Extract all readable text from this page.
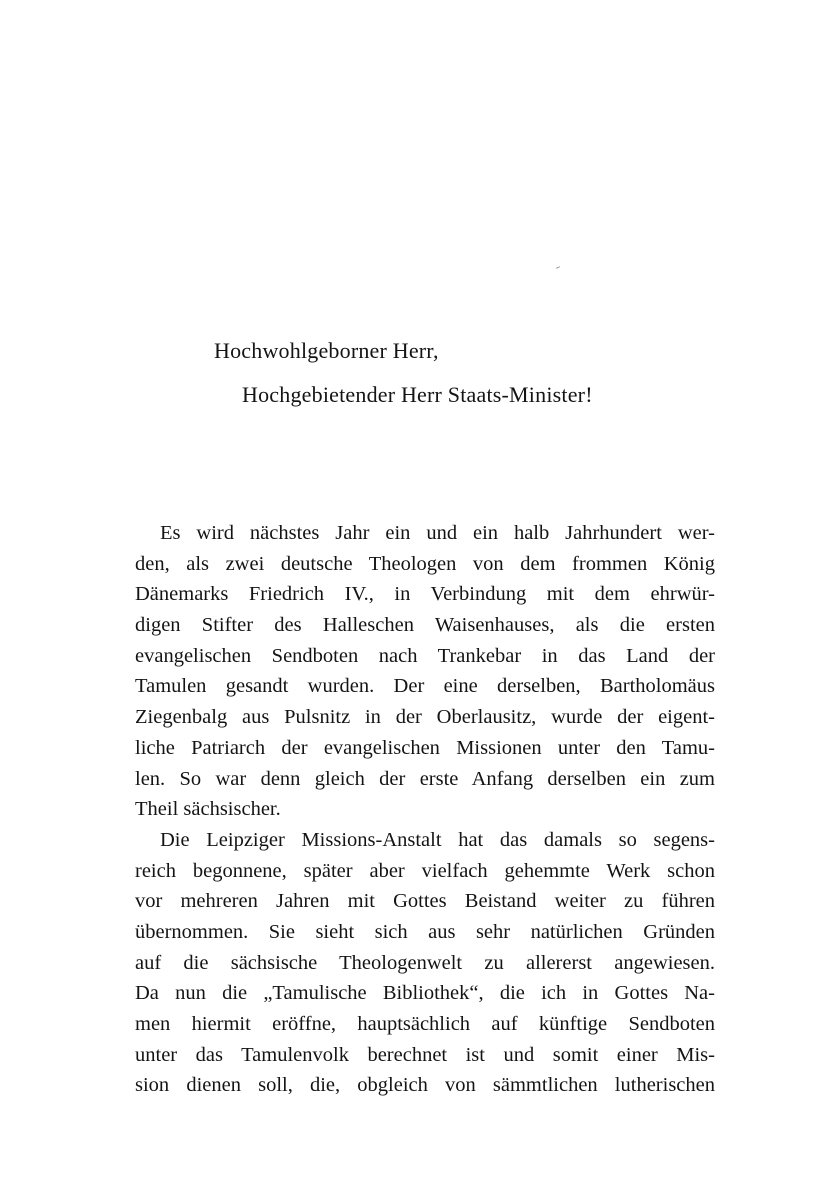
Hochwohlgeborner Herr,
Hochgebietender Herr Staats-Minister!
Es wird nächstes Jahr ein und ein halb Jahrhundert wer-
den, als zwei deutsche Theologen von dem frommen König
Dänemarks Friedrich IV., in Verbindung mit dem ehrwür-
digen Stifter des Halleschen Waisenhauses, als die ersten
evangelischen Sendboten nach Trankebar in das Land der
Tamulen gesandt wurden. Der eine derselben, Bartholomäus
Ziegenbalg aus Pulsnitz in der Oberlausitz, wurde der eigent-
liche Patriarch der evangelischen Missionen unter den Tamu-
len. So war denn gleich der erste Anfang derselben ein zum
Theil sächsischer.
Die Leipziger Missions-Anstalt hat das damals so segens-
reich begonnene, später aber vielfach gehemmte Werk schon
vor mehreren Jahren mit Gottes Beistand weiter zu führen
übernommen. Sie sieht sich aus sehr natürlichen Gründen
auf die sächsische Theologenwelt zu allererst angewiesen.
Da nun die „Tamulische Bibliothek“, die ich in Gottes Na-
men hiermit eröffne, hauptsächlich auf künftige Sendboten
unter das Tamulenvolk berechnet ist und somit einer Mis-
sion dienen soll, die, obgleich von sämmtlichen lutherischen
